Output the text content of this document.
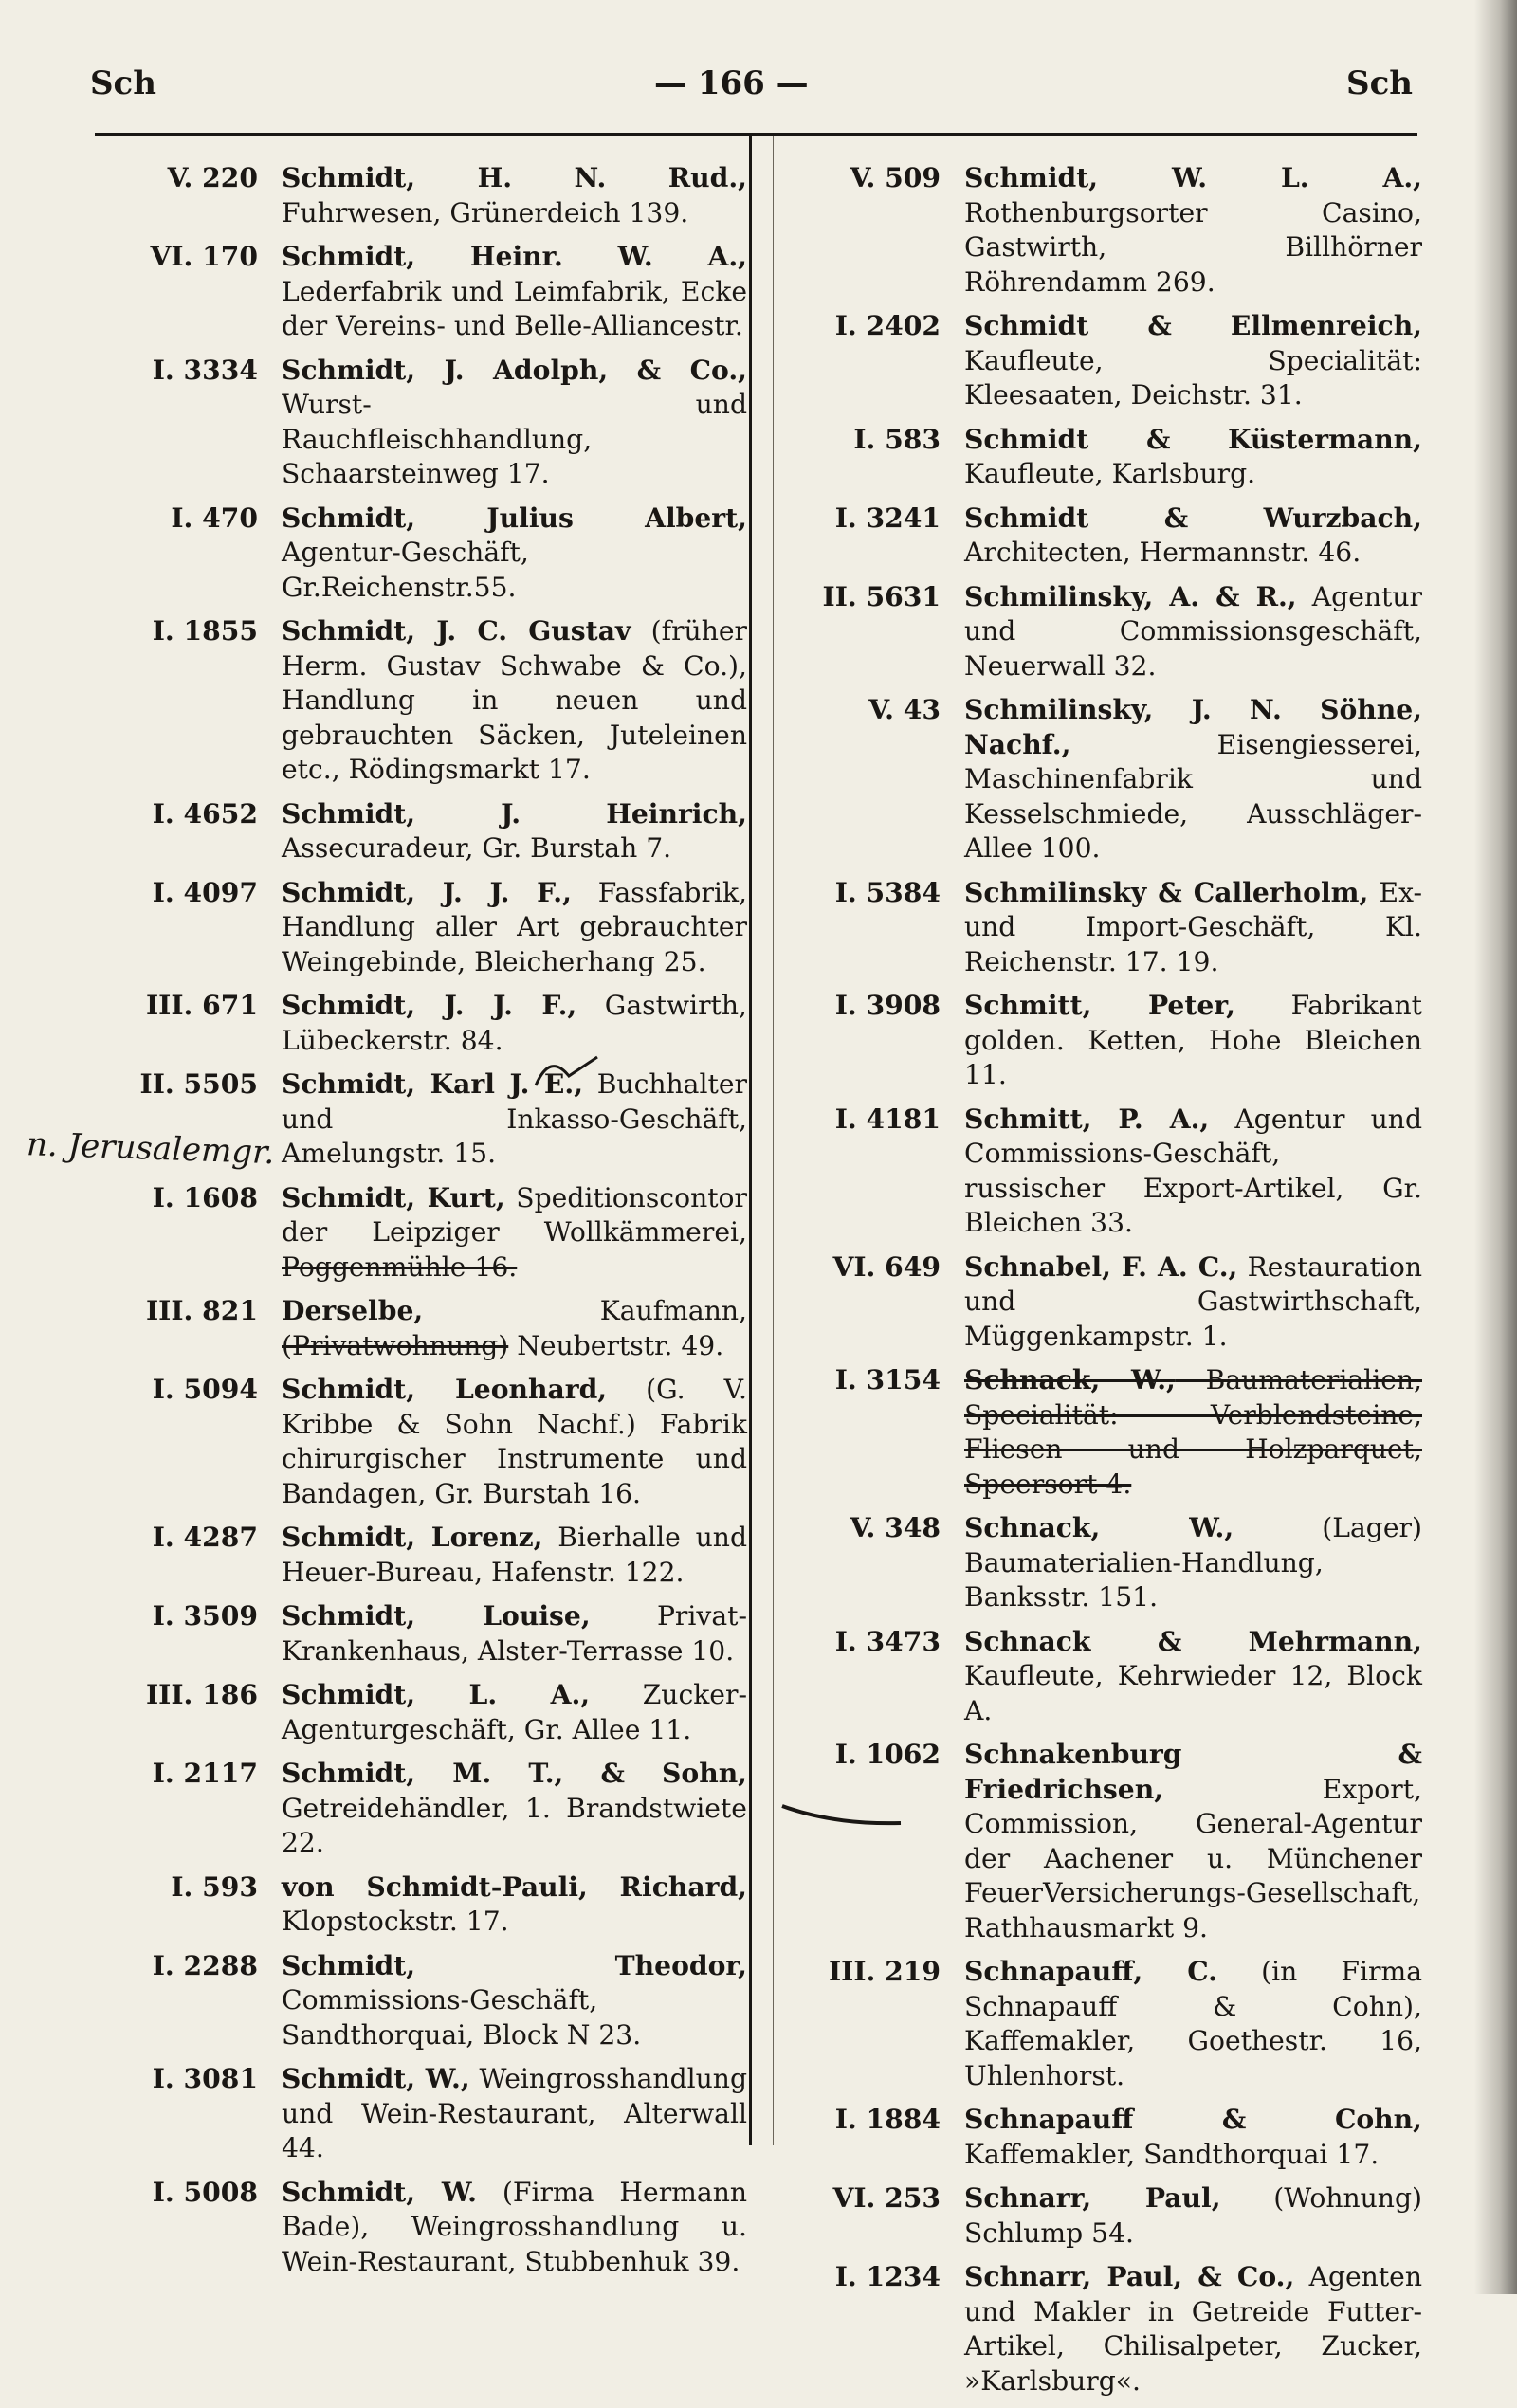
Sch	— 166 —	Sch
V. 220 Schmidt, H. N. Rud., Fuhrwesen, Grünerdeich 139.
VI. 170 Schmidt, Heinr. W. A., Lederfabrik und Leimfabrik, Ecke der Vereins- und Belle-Alliancestr.
I. 3334 Schmidt, J. Adolph, & Co., Wurst- und Rauchfleischhandlung, Schaarsteinweg 17.
I. 470 Schmidt, Julius Albert, Agentur-Geschäft, Gr.Reichenstr.55.
I. 1855 Schmidt, J. C. Gustav (früher Herm. Gustav Schwabe & Co.), Handlung in neuen und gebrauchten Säcken, Juteleinen etc., Rödingsmarkt 17.
I. 4652 Schmidt, J. Heinrich, Assecuradeur, Gr. Burstah 7.
I. 4097 Schmidt, J. J. F., Fassfabrik, Handlung aller Art gebrauchter Weingebinde, Bleicherhang 25.
III. 671 Schmidt, J. J. F., Gastwirth, Lübeckerstr. 84.
II. 5505 Schmidt, Karl J. E., Buchhalter und Inkasso-Geschäft, Amelungstr. 15.
I. 1608 Schmidt, Kurt, Speditionscontor der Leipziger Wollkämmerei, Poggenmühle 16.
III. 821 Derselbe, Kaufmann, (Privatwohnung) Neubertstr. 49.
I. 5094 Schmidt, Leonhard, (G. V. Kribbe & Sohn Nachf.) Fabrik chirurgischer Instrumente und Bandagen, Gr. Burstah 16.
I. 4287 Schmidt, Lorenz, Bierhalle und Heuer-Bureau, Hafenstr. 122.
I. 3509 Schmidt, Louise, Privat-Krankenhaus, Alster-Terrasse 10.
III. 186 Schmidt, L. A., Zucker-Agenturgeschäft, Gr. Allee 11.
I. 2117 Schmidt, M. T., & Sohn, Getreidehändler, 1. Brandstwiete 22.
I. 593 von Schmidt-Pauli, Richard, Klopstockstr. 17.
I. 2288 Schmidt, Theodor, Commissions-Geschäft, Sandthorquai, Block N 23.
I. 3081 Schmidt, W., Weingrosshandlung und Wein-Restaurant, Alterwall 44.
I. 5008 Schmidt, W. (Firma Hermann Bade), Weingrosshandlung u. Wein-Restaurant, Stubbenhuk 39.
V. 509 Schmidt, W. L. A., Rothenburgsorter Casino, Gastwirth, Billhörner Röhrendamm 269.
I. 2402 Schmidt & Ellmenreich, Kaufleute, Specialität: Kleesaaten, Deichstr. 31.
I. 583 Schmidt & Küstermann, Kaufleute, Karlsburg.
I. 3241 Schmidt & Wurzbach, Architecten, Hermannstr. 46.
II. 5631 Schmilinsky, A. & R., Agentur und Commissionsgeschäft, Neuerwall 32.
V. 43 Schmilinsky, J. N. Söhne, Nachf., Eisengiesserei, Maschinenfabrik und Kesselschmiede, Ausschläger-Allee 100.
I. 5384 Schmilinsky & Callerholm, Ex- und Import-Geschäft, Kl. Reichenstr. 17. 19.
I. 3908 Schmitt, Peter, Fabrikant golden. Ketten, Hohe Bleichen 11.
I. 4181 Schmitt, P. A., Agentur und Commissions-Geschäft, russischer Export-Artikel, Gr. Bleichen 33.
VI. 649 Schnabel, F. A. C., Restauration und Gastwirthschaft, Müggenkampstr. 1.
I. 3154 Schnack, W., Baumaterialien, Specialität: Verblendsteine, Fliesen und Holzparquet, Speersort 4.
V. 348 Schnack, W., (Lager) Baumaterialien-Handlung, Banksstr. 151.
I. 3473 Schnack & Mehrmann, Kaufleute, Kehrwieder 12, Block A.
I. 1062 Schnakenburg & Friedrichsen, Export, Commission, General-Agentur der Aachener u. Münchener FeuerVersicherungs-Gesellschaft, Rathhausmarkt 9.
III. 219 Schnapauff, C. (in Firma Schnapauff & Cohn), Kaffemakler, Goethestr. 16, Uhlenhorst.
I. 1884 Schnapauff & Cohn, Kaffemakler, Sandthorquai 17.
VI. 253 Schnarr, Paul, (Wohnung) Schlump 54.
I. 1234 Schnarr, Paul, & Co., Agenten und Makler in Getreide Futter-Artikel, Chilisalpeter, Zucker, »Karlsburg«.
n. Jerusalemgr.
